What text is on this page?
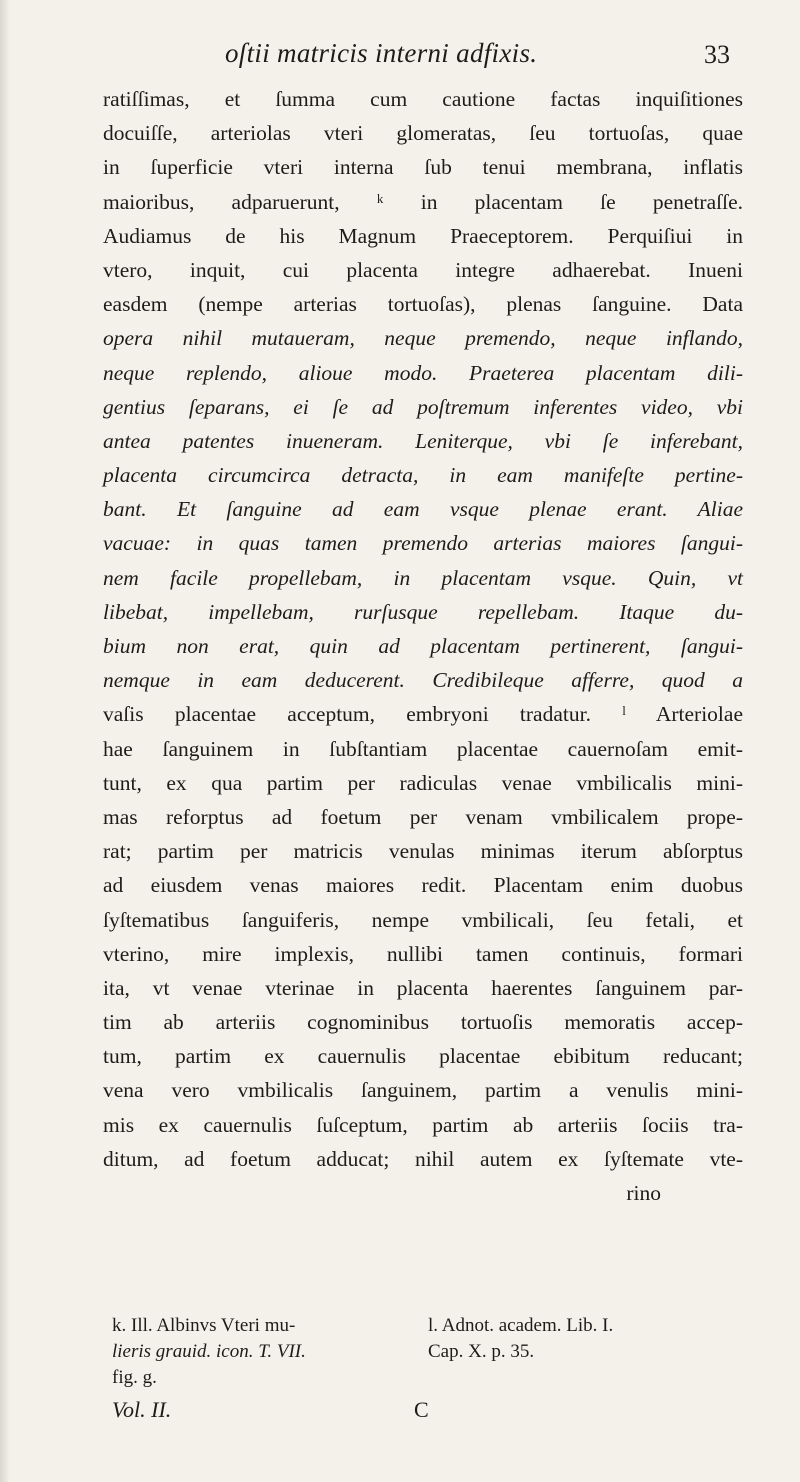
oſtii matricis interni adfixis.	33
ratiſſimas, et ſumma cum cautione factas inquiſitiones
docuiſſe, arteriolas vteri glomeratas, ſeu tortuoſas, quae
in ſuperficie vteri interna ſub tenui membrana, inflatis
maioribus, adparuerunt, ᵏ in placentam ſe penetraſſe.
Audiamus de his Magnum Praeceptorem. Perquiſiui in
vtero, inquit, cui placenta integre adhaerebat. Inueni
easdem (nempe arterias tortuoſas), plenas ſanguine. Data
opera nihil mutaueram, neque premendo, neque inflando,
neque replendo, alioue modo. Praeterea placentam dili-
gentius ſeparans, ei ſe ad poſtremum inferentes video, vbi
antea patentes inueneram. Leniterque, vbi ſe inferebant,
placenta circumcirca detracta, in eam manifeſte pertine-
bant. Et ſanguine ad eam vsque plenae erant. Aliae
vacuae: in quas tamen premendo arterias maiores ſangui-
nem facile propellebam, in placentam vsque. Quin, vt
libebat, impellebam, rurſusque repellebam. Itaque du-
bium non erat, quin ad placentam pertinerent, ſangui-
nemque in eam deducerent. Credibileque afferre, quod a
vaſis placentae acceptum, embryoni tradatur. ˡ Arteriolae
hae ſanguinem in ſubſtantiam placentae cauernoſam emit-
tunt, ex qua partim per radiculas venae vmbilicalis mini-
mas reforptus ad foetum per venam vmbilicalem prope-
rat; partim per matricis venulas minimas iterum abſorptus
ad eiusdem venas maiores redit. Placentam enim duobus
ſyſtematibus ſanguiferis, nempe vmbilicali, ſeu fetali, et
vterino, mire implexis, nullibi tamen continuis, formari
ita, vt venae vterinae in placenta haerentes ſanguinem par-
tim ab arteriis cognominibus tortuoſis memoratis accep-
tum, partim ex cauernulis placentae ebibitum reducant;
vena vero vmbilicalis ſanguinem, partim a venulis mini-
mis ex cauernulis ſuſceptum, partim ab arteriis ſociis tra-
ditum, ad foetum adducat; nihil autem ex ſyſtemate vte-
rino
k. Ill. Albinvs Vteri mu-	l. Adnot. academ. Lib. I.
lieris grauid. icon. T. VII.	Cap. X. p. 35.
fig. g.
Vol. II.	C
